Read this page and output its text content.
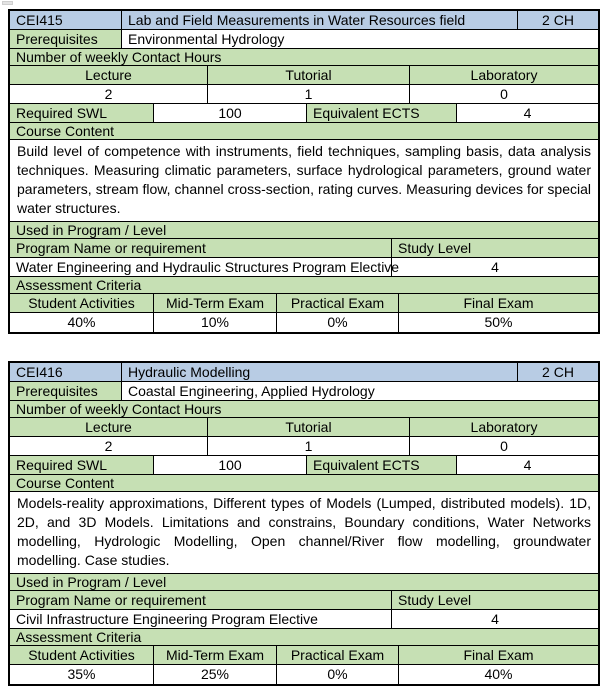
CEI415	Lab and Field Measurements in Water Resources field	2 CH
Prerequisites	Environmental Hydrology
Number of weekly Contact Hours
Lecture	Tutorial	Laboratory
2	1	0
Required SWL	100	Equivalent ECTS	4
Course Content
Build level of competence with instruments, field techniques, sampling basis, data analysis techniques. Measuring climatic parameters, surface hydrological parameters, ground water parameters, stream flow, channel cross-section, rating curves. Measuring devices for special water structures.
Used in Program / Level
Program Name or requirement	Study Level
Water Engineering and Hydraulic Structures Program Elective	4
Assessment Criteria
Student Activities	Mid-Term Exam	Practical Exam	Final Exam
40%	10%	0%	50%
CEI416	Hydraulic Modelling	2 CH
Prerequisites	Coastal Engineering, Applied Hydrology
Number of weekly Contact Hours
Lecture	Tutorial	Laboratory
2	1	0
Required SWL	100	Equivalent ECTS	4
Course Content
Models-reality approximations, Different types of Models (Lumped, distributed models). 1D, 2D, and 3D Models. Limitations and constrains, Boundary conditions, Water Networks modelling, Hydrologic Modelling, Open channel/River flow modelling, groundwater modelling. Case studies.
Used in Program / Level
Program Name or requirement	Study Level
Civil Infrastructure Engineering Program Elective	4
Assessment Criteria
Student Activities	Mid-Term Exam	Practical Exam	Final Exam
35%	25%	0%	40%
